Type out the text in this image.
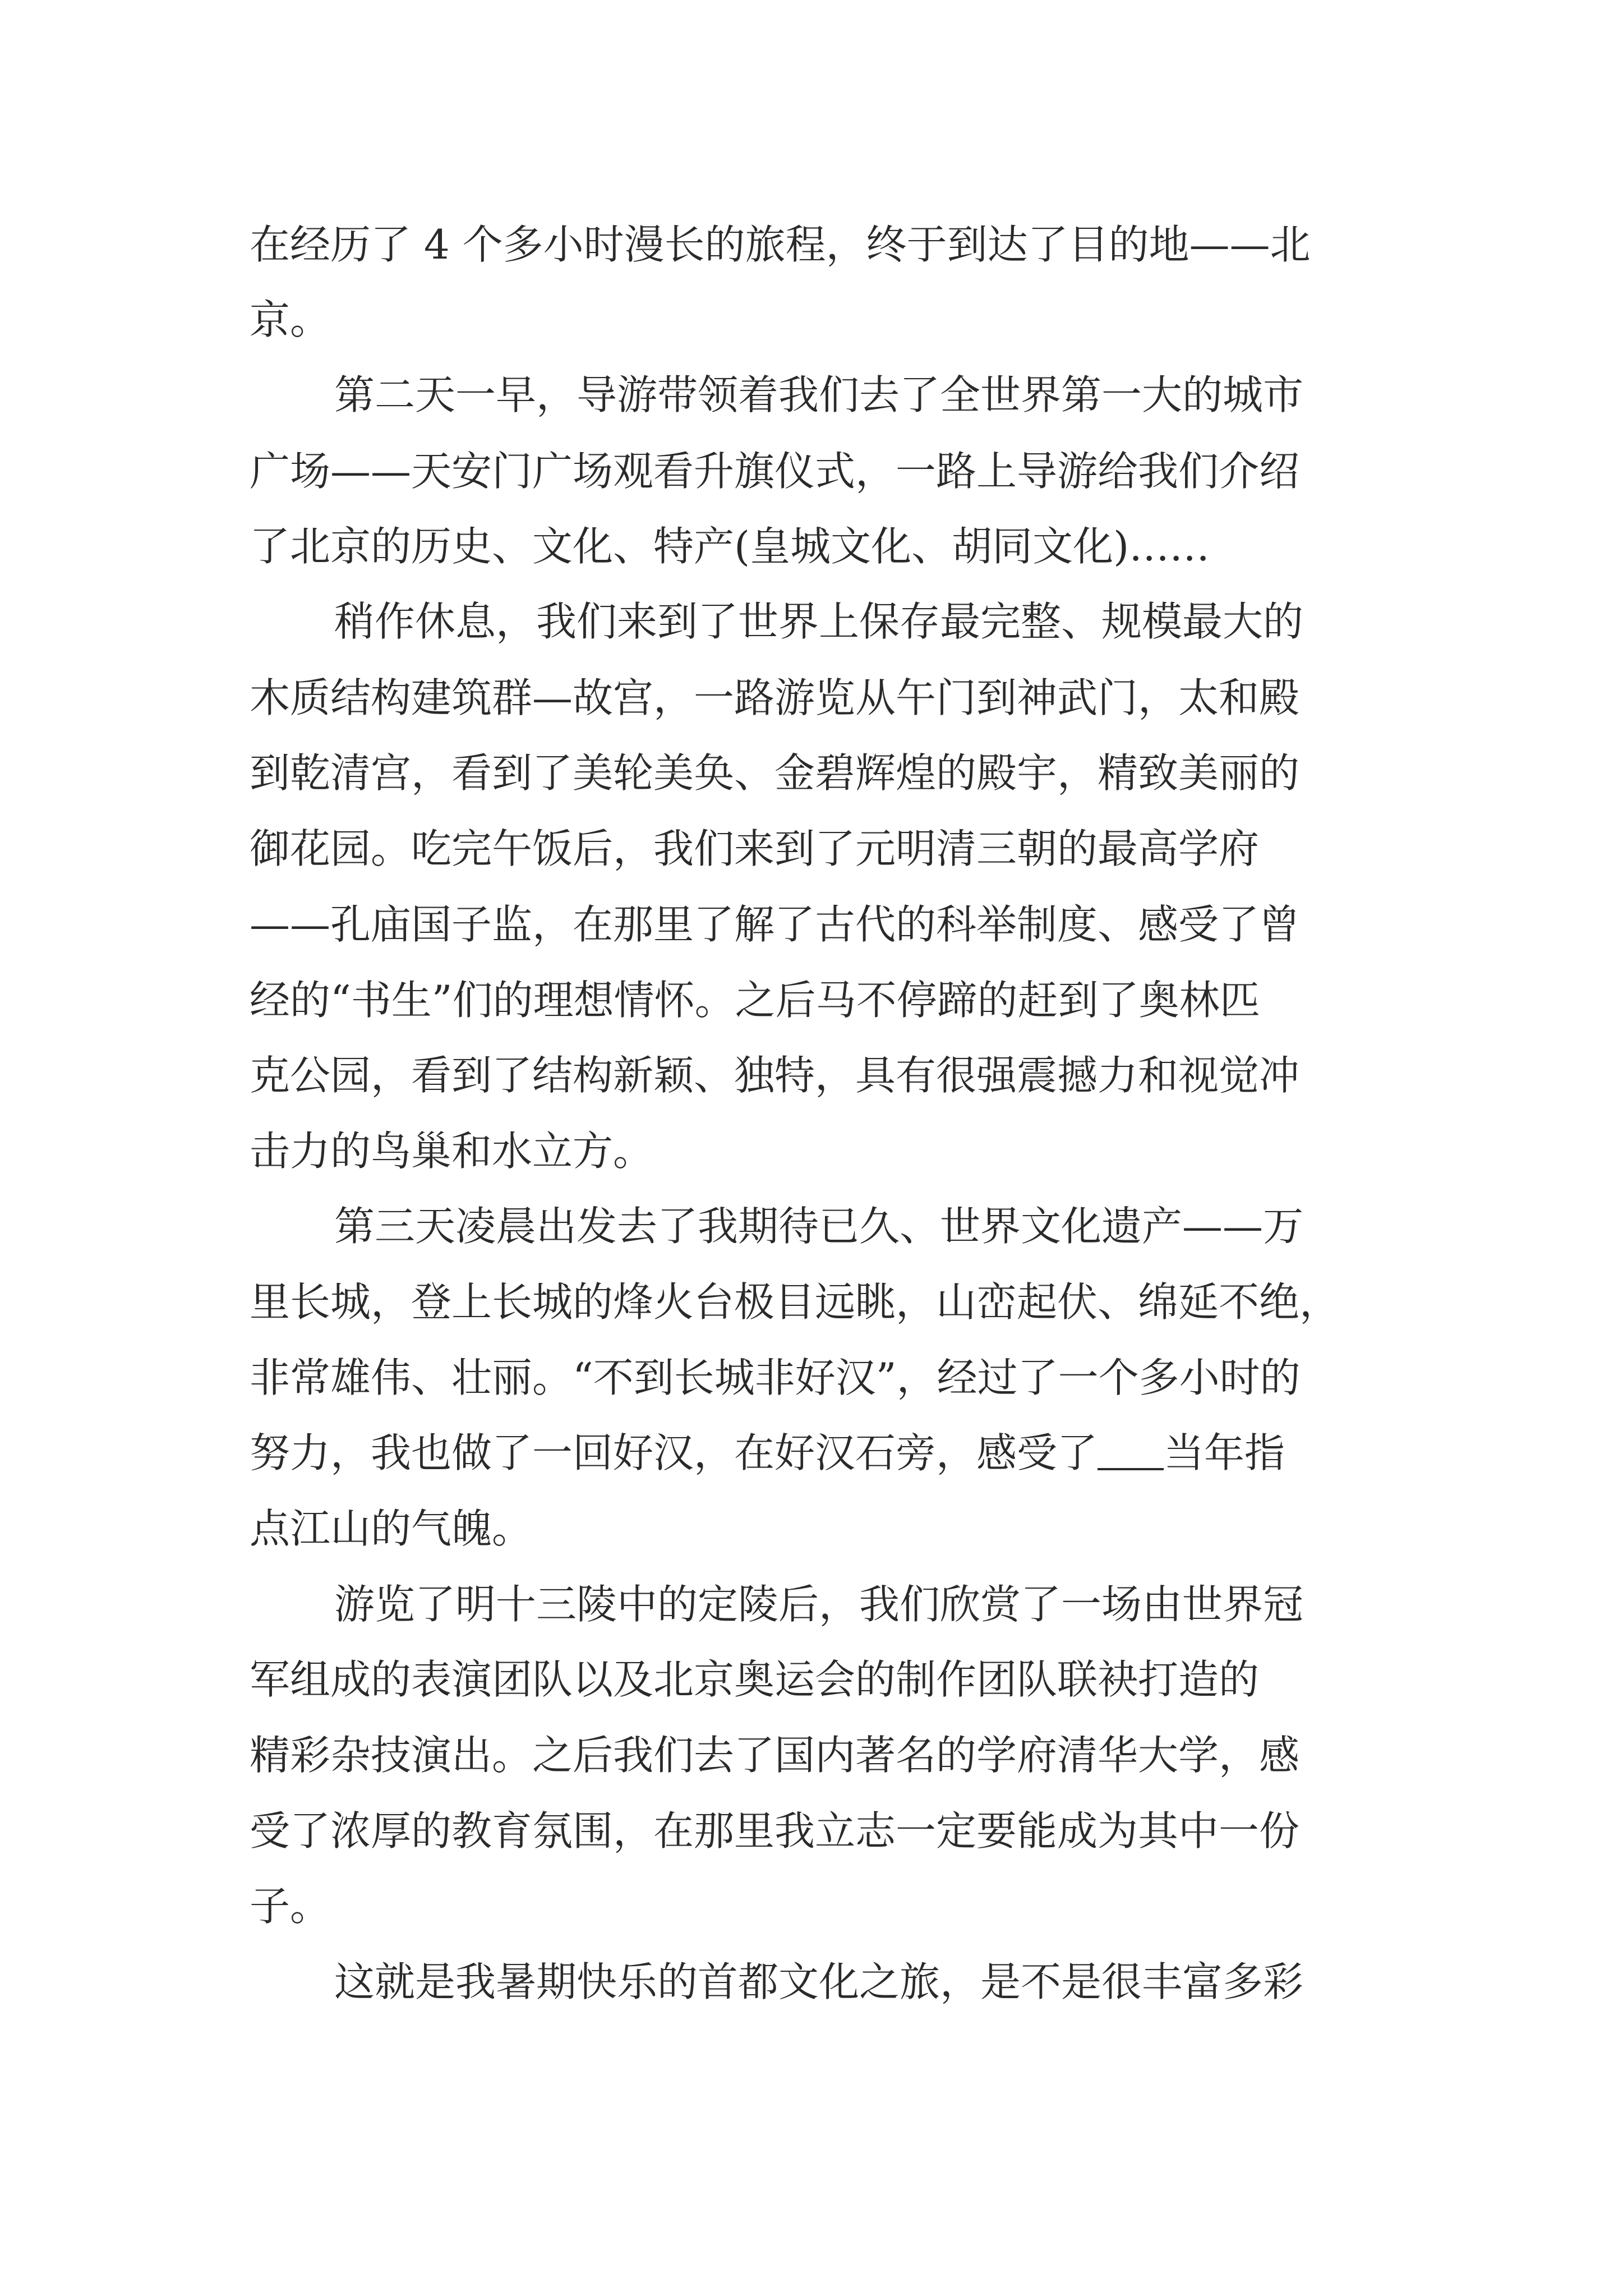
在经历了 4 个多小时漫长的旅程，终于到达了目的地——北
京。
第二天一早，导游带领着我们去了全世界第一大的城市
广场——天安门广场观看升旗仪式，一路上导游给我们介绍
了北京的历史、文化、特产(皇城文化、胡同文化)……
稍作休息，我们来到了世界上保存最完整、规模最大的
木质结构建筑群—故宫，一路游览从午门到神武门，太和殿
到乾清宫，看到了美轮美奂、金碧辉煌的殿宇，精致美丽的
御花园。吃完午饭后，我们来到了元明清三朝的最高学府
——孔庙国子监，在那里了解了古代的科举制度、感受了曾
经的“书生”们的理想情怀。之后马不停蹄的赶到了奥林匹
克公园，看到了结构新颖、独特，具有很强震撼力和视觉冲
击力的鸟巢和水立方。
第三天凌晨出发去了我期待已久、世界文化遗产——万
里长城，登上长城的烽火台极目远眺，山峦起伏、绵延不绝，
非常雄伟、壮丽。“不到长城非好汉”，经过了一个多小时的
努力，我也做了一回好汉，在好汉石旁，感受了 当年指
点江山的气魄。
游览了明十三陵中的定陵后，我们欣赏了一场由世界冠
军组成的表演团队以及北京奥运会的制作团队联袂打造的
精彩杂技演出。之后我们去了国内著名的学府清华大学，感
受了浓厚的教育氛围，在那里我立志一定要能成为其中一份
子。
这就是我暑期快乐的首都文化之旅，是不是很丰富多彩
